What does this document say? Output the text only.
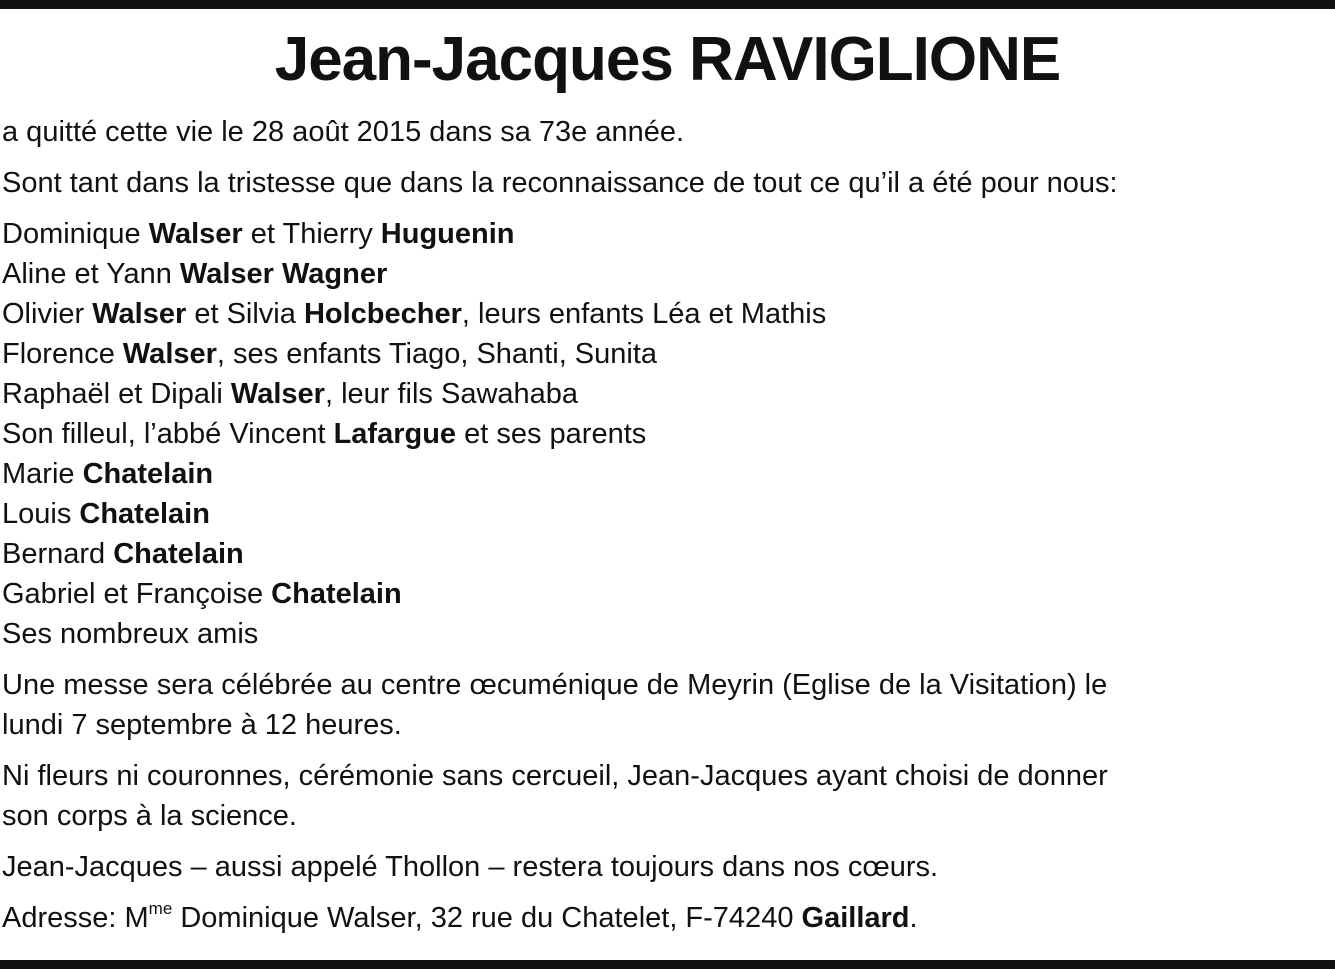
Jean-Jacques RAVIGLIONE
a quitté cette vie le 28 août 2015 dans sa 73e année.
Sont tant dans la tristesse que dans la reconnaissance de tout ce qu’il a été pour nous:
Dominique Walser et Thierry Huguenin
Aline et Yann Walser Wagner
Olivier Walser et Silvia Holcbecher, leurs enfants Léa et Mathis
Florence Walser, ses enfants Tiago, Shanti, Sunita
Raphaël et Dipali Walser, leur fils Sawahaba
Son filleul, l’abbé Vincent Lafargue et ses parents
Marie Chatelain
Louis Chatelain
Bernard Chatelain
Gabriel et Françoise Chatelain
Ses nombreux amis
Une messe sera célébrée au centre œcuménique de Meyrin (Eglise de la Visitation) le
lundi 7 septembre à 12 heures.
Ni fleurs ni couronnes, cérémonie sans cercueil, Jean-Jacques ayant choisi de donner
son corps à la science.
Jean-Jacques – aussi appelé Thollon – restera toujours dans nos cœurs.
Adresse: $M^{me}$ Dominique Walser, 32 rue du Chatelet, F-74240 Gaillard.
